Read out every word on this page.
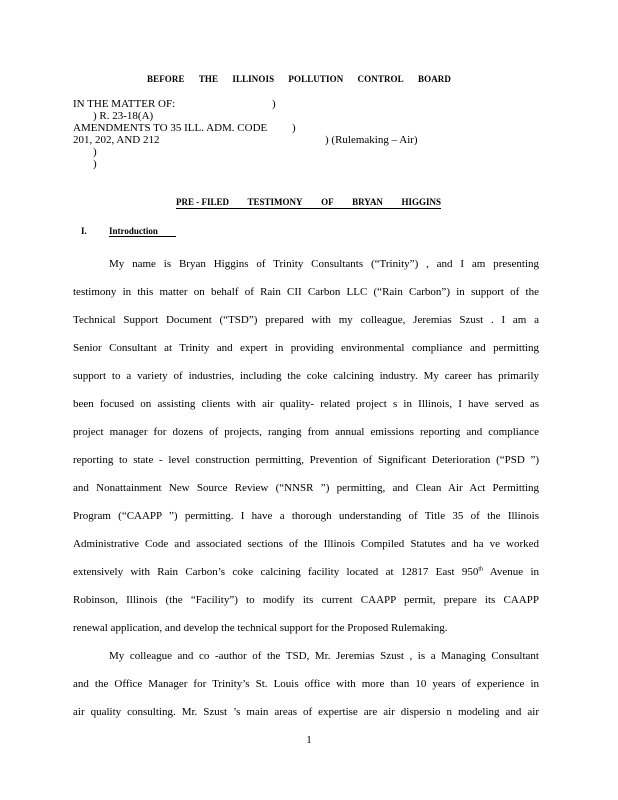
BEFORE THE ILLINOIS POLLUTION CONTROL BOARD
IN THE MATTER OF:	)
) R. 23-18(A)
AMENDMENTS TO 35 ILL. ADM. CODE )
201, 202, AND 212	) (Rulemaking – Air)
)
)
PRE - FILED TESTIMONY OF BRYAN HIGGINS
I. Introduction
My name is Bryan Higgins of Trinity Consultants (“Trinity”) , and I am presenting
testimony in this matter on behalf of Rain CII Carbon LLC (“Rain Carbon”) in support of the
Technical Support Document (“TSD”) prepared with my colleague, Jeremias Szust . I am a
Senior Consultant at Trinity and expert in providing environmental compliance and permitting
support to a variety of industries, including the coke calcining industry. My career has primarily
been focused on assisting clients with air quality- related project s in Illinois, I have served as
project manager for dozens of projects, ranging from annual emissions reporting and compliance
reporting to state - level construction permitting, Prevention of Significant Deterioration (“PSD ”)
and Nonattainment New Source Review (“NNSR ”) permitting, and Clean Air Act Permitting
Program (“CAAPP ”) permitting. I have a thorough understanding of Title 35 of the Illinois
Administrative Code and associated sections of the Illinois Compiled Statutes and ha ve worked
extensively with Rain Carbon’s coke calcining facility located at 12817 East 950th Avenue in
Robinson, Illinois (the “Facility”) to modify its current CAAPP permit, prepare its CAAPP
renewal application, and develop the technical support for the Proposed Rulemaking.
My colleague and co -author of the TSD, Mr. Jeremias Szust , is a Managing Consultant
and the Office Manager for Trinity’s St. Louis office with more than 10 years of experience in
air quality consulting. Mr. Szust ’s main areas of expertise are air dispersio n modeling and air
1
